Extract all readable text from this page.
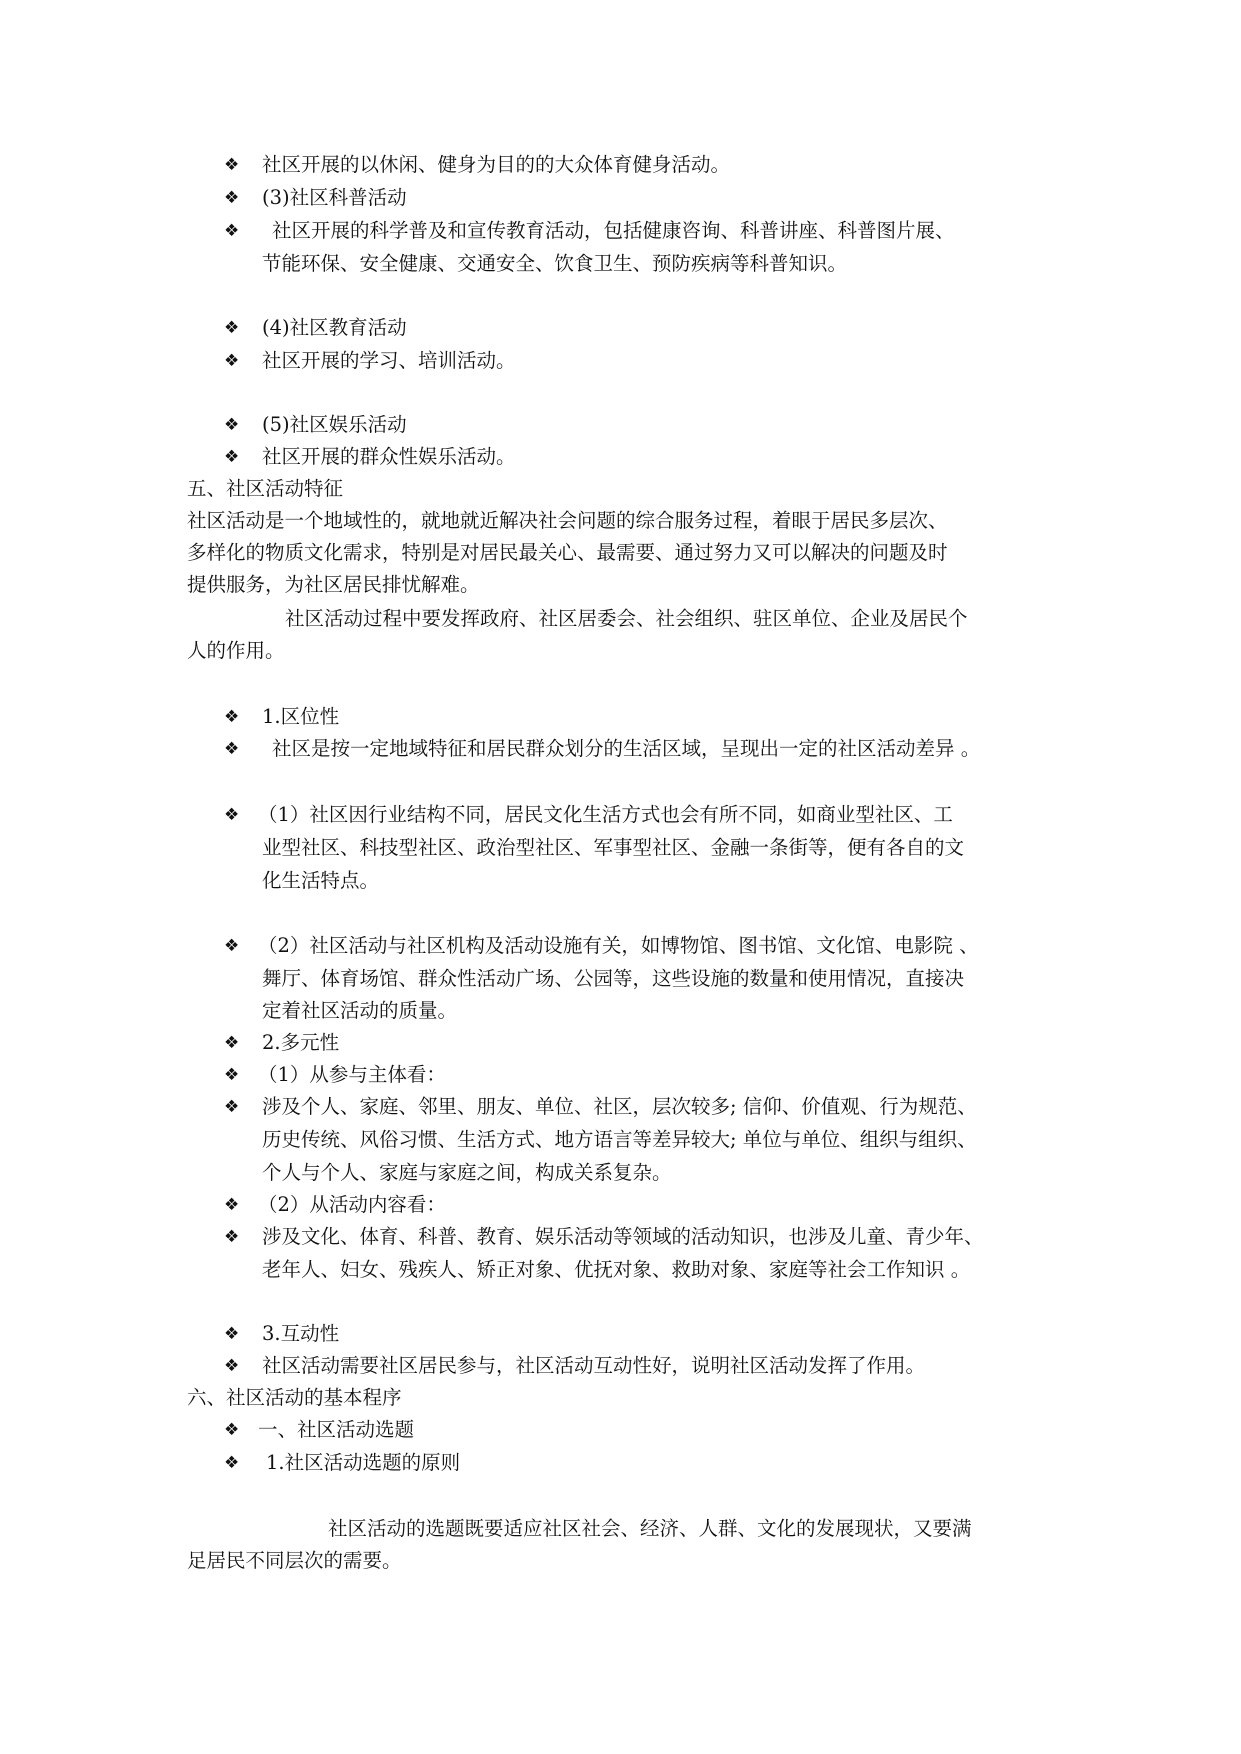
❖ 社区开展的以休闲、健身为目的的大众体育健身活动。
❖ (3)社区科普活动
❖ 社区开展的科学普及和宣传教育活动，包括健康咨询、科普讲座、科普图片展、
节能环保、安全健康、交通安全、饮食卫生、预防疾病等科普知识。
❖ (4)社区教育活动
❖ 社区开展的学习、培训活动。
❖ (5)社区娱乐活动
❖ 社区开展的群众性娱乐活动。
五、社区活动特征
社区活动是一个地域性的，就地就近解决社会问题的综合服务过程，着眼于居民多层次、
多样化的物质文化需求，特别是对居民最关心、最需要、通过努力又可以解决的问题及时
提供服务，为社区居民排忧解难。
社区活动过程中要发挥政府、社区居委会、社会组织、驻区单位、企业及居民个
人的作用。
❖ 1.区位性
❖ 社区是按一定地域特征和居民群众划分的生活区域，呈现出一定的社区活动差异 。
❖ （1）社区因行业结构不同，居民文化生活方式也会有所不同，如商业型社区、工
业型社区、科技型社区、政治型社区、军事型社区、金融一条街等，便有各自的文
化生活特点。
❖ （2）社区活动与社区机构及活动设施有关，如博物馆、图书馆、文化馆、电影院 、
舞厅、体育场馆、群众性活动广场、公园等，这些设施的数量和使用情况，直接决
定着社区活动的质量。
❖ 2.多元性
❖ （1）从参与主体看：
❖ 涉及个人、家庭、邻里、朋友、单位、社区，层次较多; 信仰、价值观、行为规范、
历史传统、风俗习惯、生活方式、地方语言等差异较大; 单位与单位、组织与组织、
个人与个人、家庭与家庭之间，构成关系复杂。
❖ （2）从活动内容看：
❖ 涉及文化、体育、科普、教育、娱乐活动等领域的活动知识，也涉及儿童、青少年、
老年人、妇女、残疾人、矫正对象、优抚对象、救助对象、家庭等社会工作知识 。
❖ 3.互动性
❖ 社区活动需要社区居民参与，社区活动互动性好，说明社区活动发挥了作用。
六、社区活动的基本程序
❖ 一、社区活动选题
❖ 1.社区活动选题的原则
社区活动的选题既要适应社区社会、经济、人群、文化的发展现状，又要满
足居民不同层次的需要。
